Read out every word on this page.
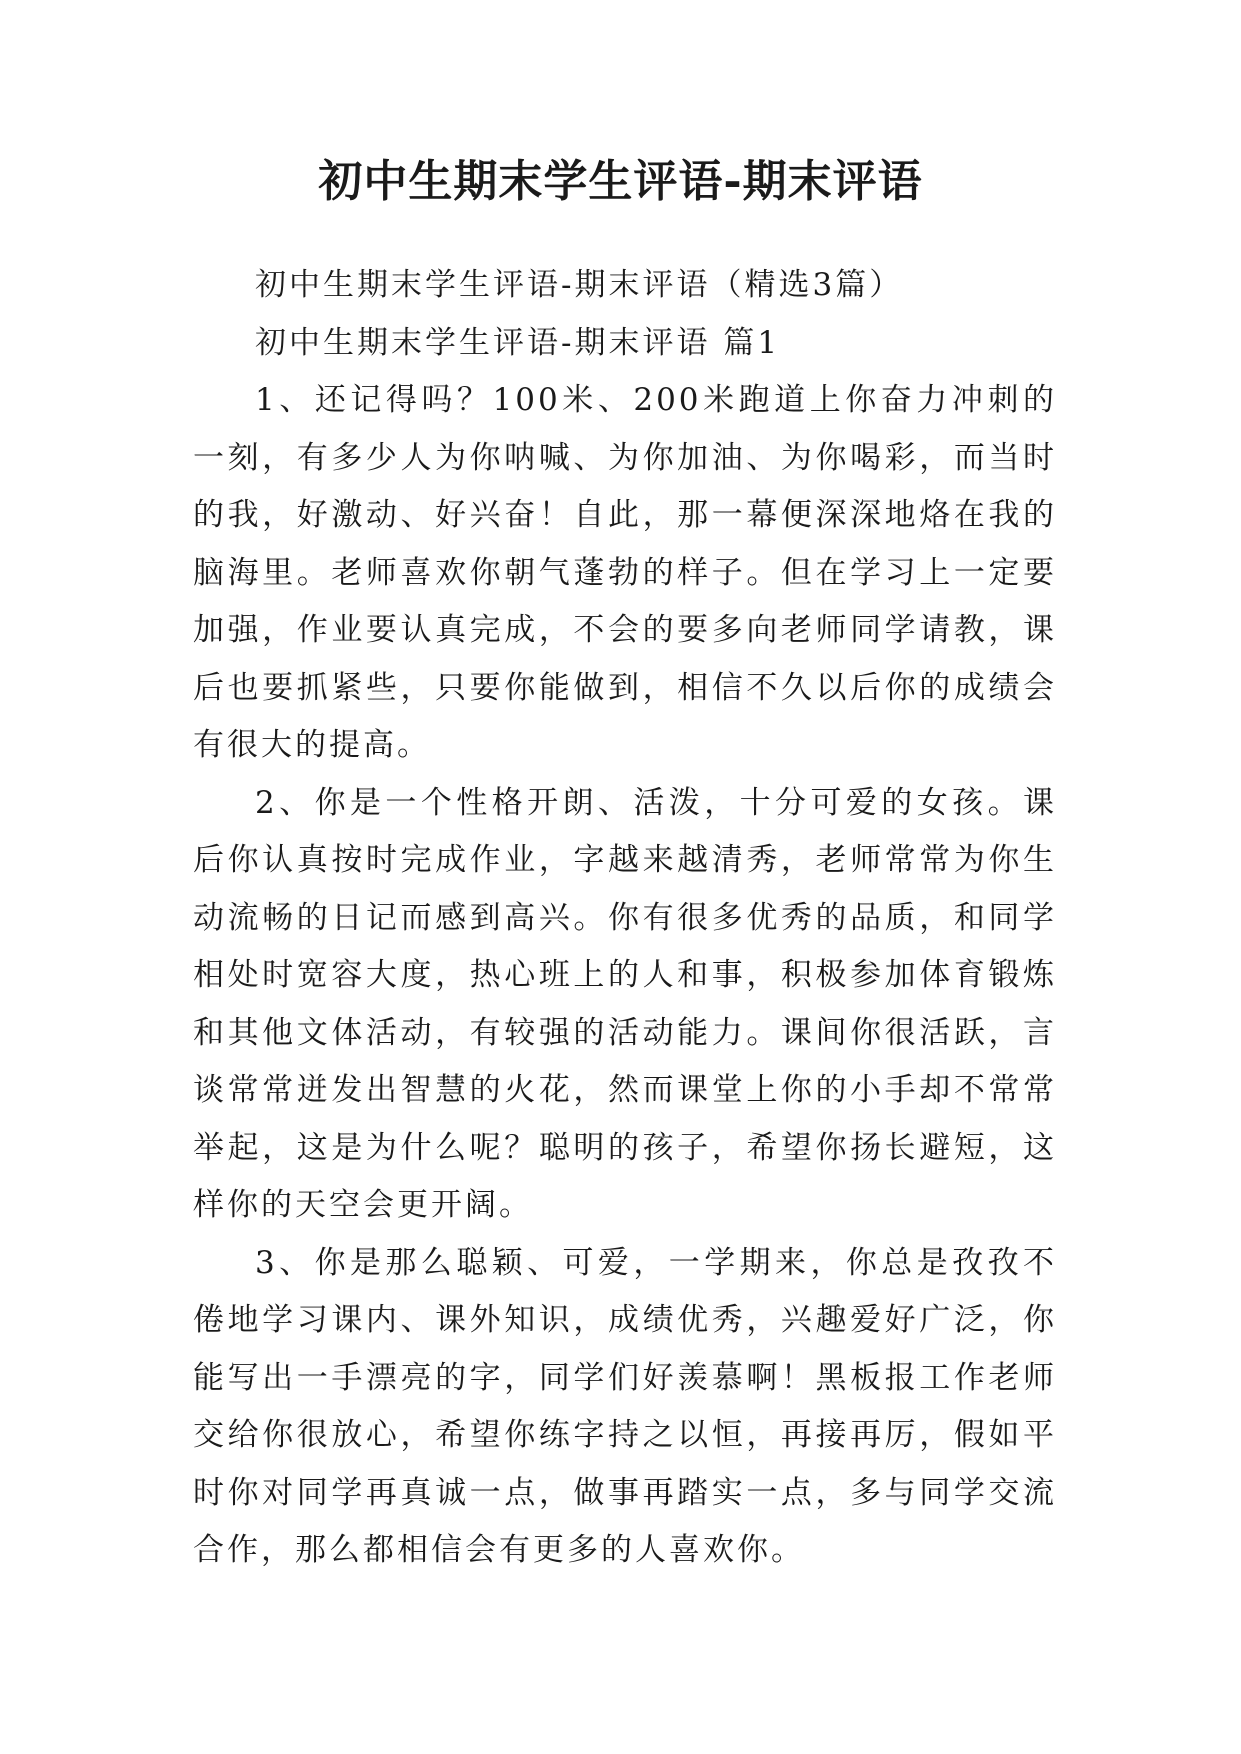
初中生期末学生评语-期末评语

初中生期末学生评语-期末评语（精选3篇）

初中生期末学生评语-期末评语 篇1

1、还记得吗？100米、200米跑道上你奋力冲刺的一刻，有多少人为你呐喊、为你加油、为你喝彩，而当时的我，好激动、好兴奋！自此，那一幕便深深地烙在我的脑海里。老师喜欢你朝气蓬勃的样子。但在学习上一定要加强，作业要认真完成，不会的要多向老师同学请教，课后也要抓紧些，只要你能做到，相信不久以后你的成绩会有很大的提高。

2、你是一个性格开朗、活泼，十分可爱的女孩。课后你认真按时完成作业，字越来越清秀，老师常常为你生动流畅的日记而感到高兴。你有很多优秀的品质，和同学相处时宽容大度，热心班上的人和事，积极参加体育锻炼和其他文体活动，有较强的活动能力。课间你很活跃，言谈常常迸发出智慧的火花，然而课堂上你的小手却不常常举起，这是为什么呢？聪明的孩子，希望你扬长避短，这样你的天空会更开阔。

3、你是那么聪颖、可爱，一学期来，你总是孜孜不倦地学习课内、课外知识，成绩优秀，兴趣爱好广泛，你能写出一手漂亮的字，同学们好羡慕啊！黑板报工作老师交给你很放心，希望你练字持之以恒，再接再厉，假如平时你对同学再真诚一点，做事再踏实一点，多与同学交流合作，那么都相信会有更多的人喜欢你。
